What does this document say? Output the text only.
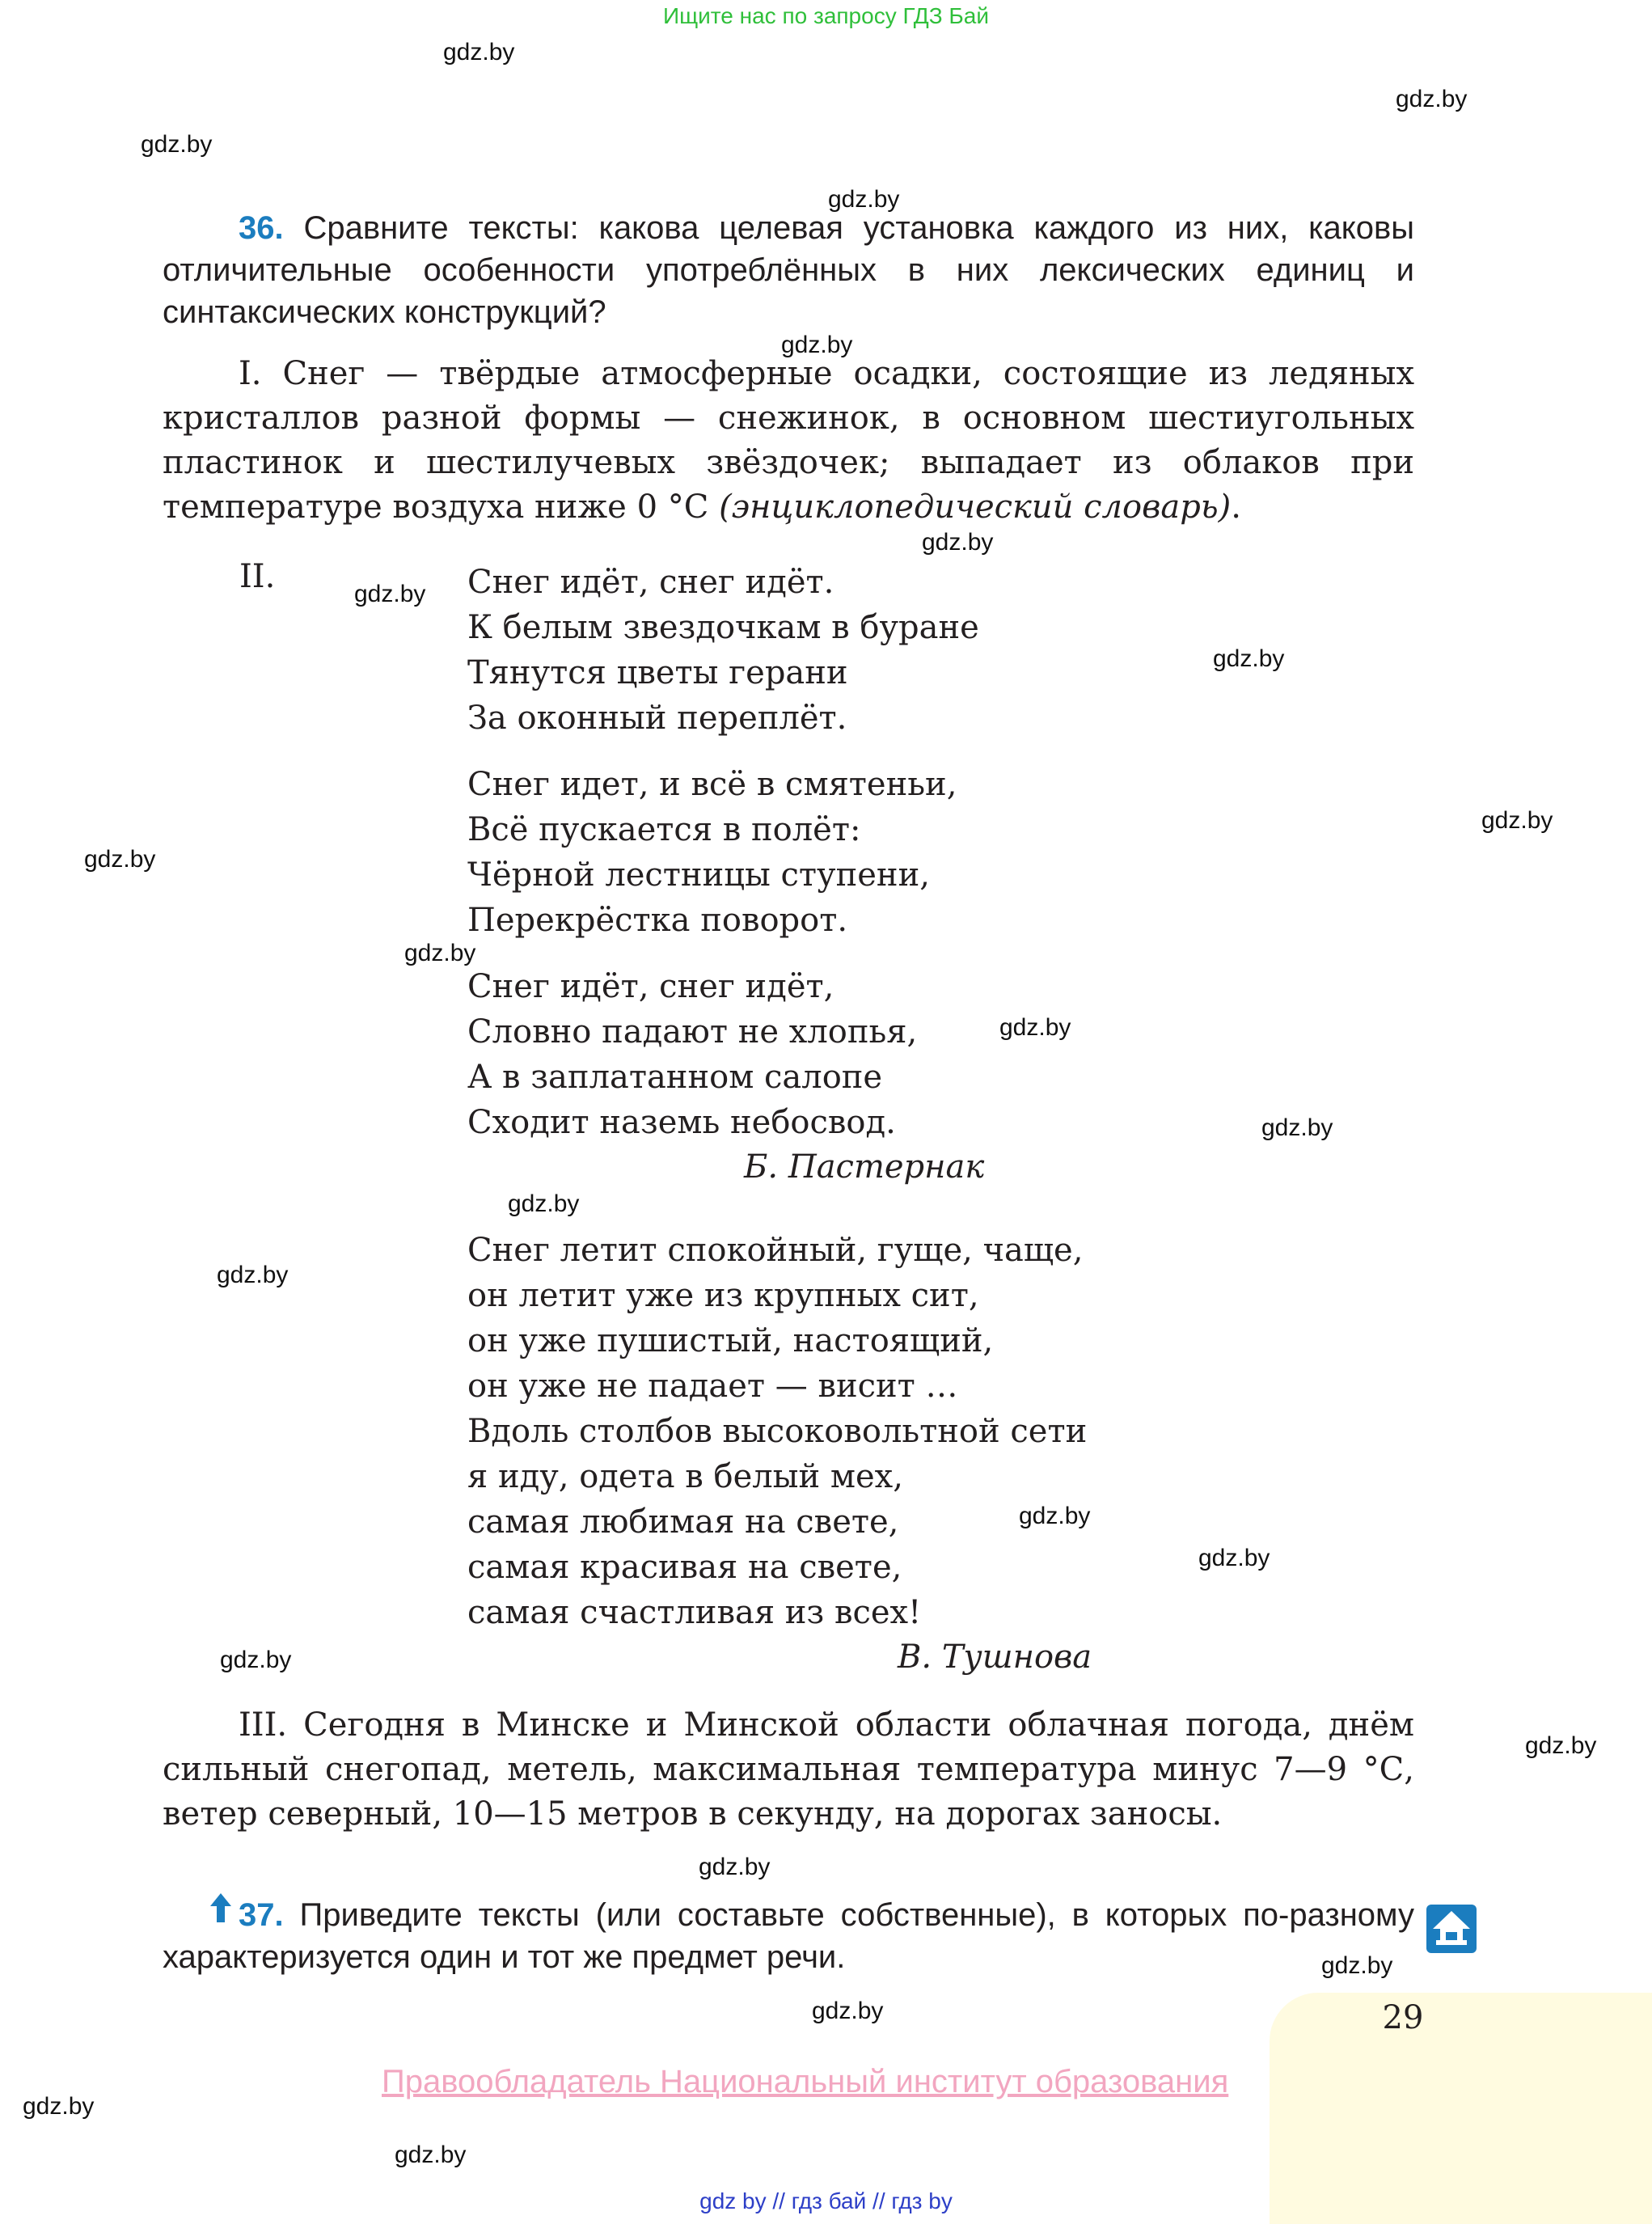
Ищите нас по запросу ГДЗ Бай
gdz.by
gdz.by
gdz.by
gdz.by
gdz.by
gdz.by
gdz.by
gdz.by
gdz.by
gdz.by
gdz.by
gdz.by
gdz.by
gdz.by
gdz.by
gdz.by
gdz.by
gdz.by
gdz.by
gdz.by
gdz.by
gdz.by
gdz.by
gdz.by
36. Сравните тексты: какова целевая установка каждого из них, каковы отличительные особенности употреблённых в них лексических единиц и синтаксических конструкций?
I. Снег — твёрдые атмосферные осадки, состоящие из ледяных кристаллов разной формы — снежинок, в основном шестиугольных пластинок и шестилучевых звёздочек; выпадает из облаков при температуре воздуха ниже 0 °С (энциклопедический словарь).
II.	Снег идёт, снег идёт.
К белым звездочкам в буране
Тянутся цветы герани
За оконный переплёт.
Снег идет, и всё в смятеньи,
Всё пускается в полёт:
Чёрной лестницы ступени,
Перекрёстка поворот.
Снег идёт, снег идёт,
Словно падают не хлопья,
А в заплатанном салопе
Сходит наземь небосвод.
Б. Пастернак
Снег летит спокойный, гуще, чаще,
он летит уже из крупных сит,
он уже пушистый, настоящий,
он уже не падает — висит …
Вдоль столбов высоковольтной сети
я иду, одета в белый мех,
самая любимая на свете,
самая красивая на свете,
самая счастливая из всех!
В. Тушнова
III. Сегодня в Минске и Минской области облачная погода, днём сильный снегопад, метель, максимальная температура минус 7—9 °С, ветер северный, 10—15 метров в секунду, на дорогах заносы.
37. Приведите тексты (или составьте собственные), в которых по-разному характеризуется один и тот же предмет речи.
29
Правообладатель Национальный институт образования
gdz by // гдз бай // гдз by
